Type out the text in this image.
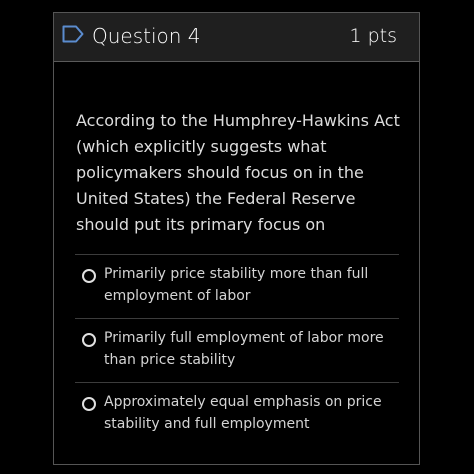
Question 4	1 pts
According to the Humphrey-Hawkins Act (which explicitly suggests what policymakers should focus on in the United States) the Federal Reserve should put its primary focus on
Primarily price stability more than full employment of labor
Primarily full employment of labor more than price stability
Approximately equal emphasis on price stability and full employment
